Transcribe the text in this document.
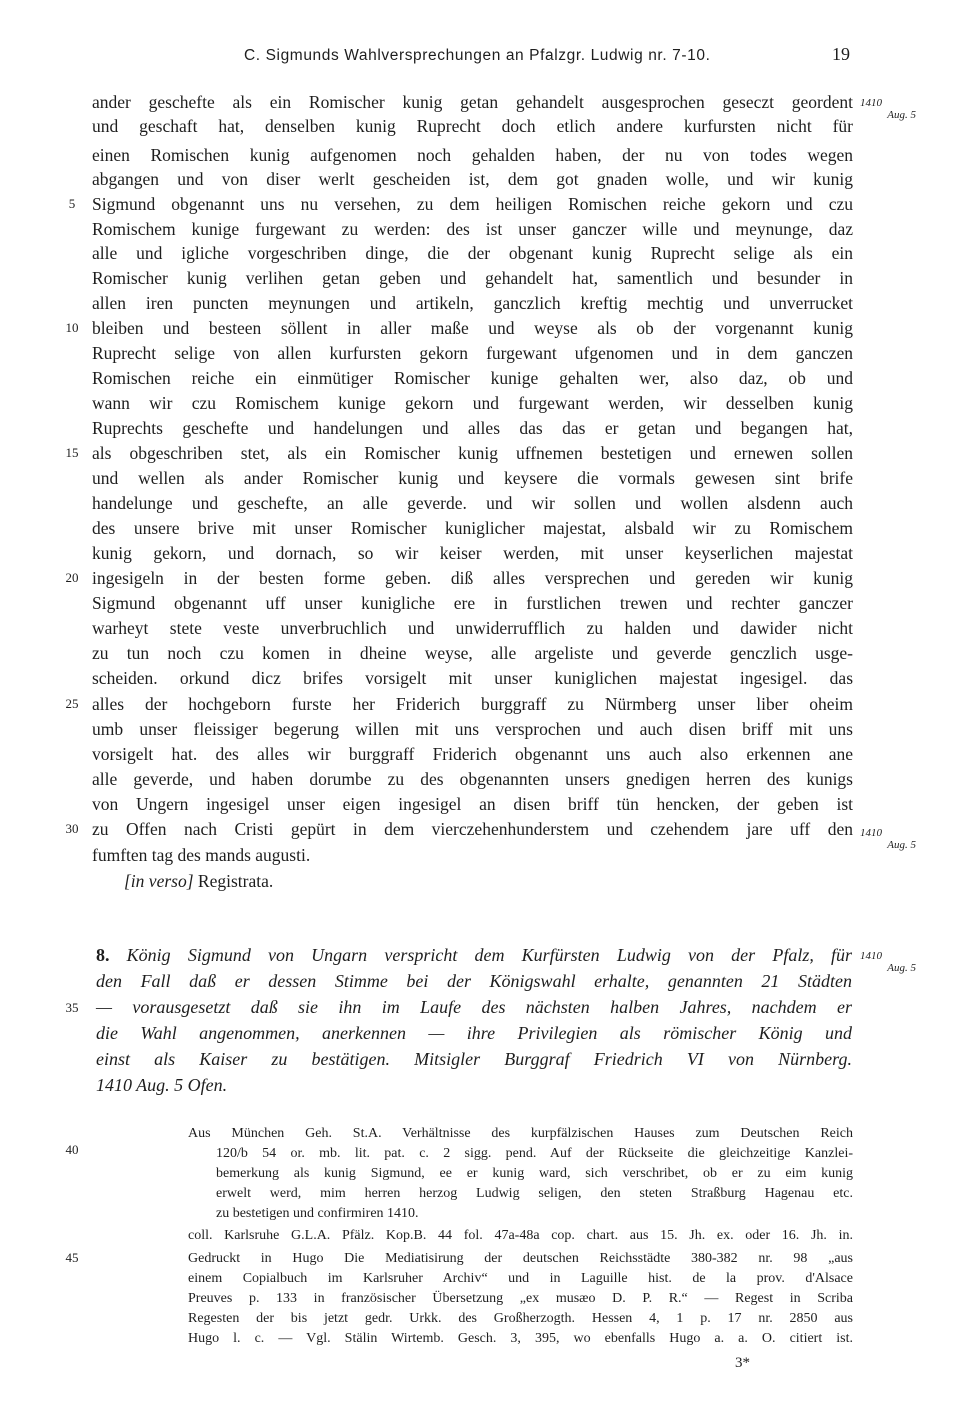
C. Sigmunds Wahlversprechungen an Pfalzgr. Ludwig nr. 7-10.	19
ander geschefte als ein Romischer kunig getan gehandelt ausgesprochen geseczt geordent
und geschaft hat, denselben kunig Ruprecht doch etlich andere kurfursten nicht für
einen Romischen kunig aufgenomen noch gehalden haben, der nu von todes wegen
abgangen und von diser werlt gescheiden ist, dem got gnaden wolle, und wir kunig
Sigmund obgenannt uns nu versehen, zu dem heiligen Romischen reiche gekorn und czu
Romischem kunige furgewant zu werden: des ist unser ganczer wille und meynunge, daz
alle und igliche vorgeschriben dinge, die der obgenant kunig Ruprecht selige als ein
Romischer kunig verlihen getan geben und gehandelt hat, samentlich und besunder in
allen iren puncten meynungen und artikeln, ganczlich kreftig mechtig und unverrucket
bleiben und besteen söllent in aller maße und weyse als ob der vorgenannt kunig
Ruprecht selige von allen kurfursten gekorn furgewant ufgenomen und in dem ganczen
Romischen reiche ein einmütiger Romischer kunige gehalten wer, also daz, ob und
wann wir czu Romischem kunige gekorn und furgewant werden, wir desselben kunig
Ruprechts geschefte und handelungen und alles das das er getan und begangen hat,
als obgeschriben stet, als ein Romischer kunig uffnemen bestetigen und ernewen sollen
und wellen als ander Romischer kunig und keysere die vormals gewesen sint brife
handelunge und geschefte, an alle geverde. und wir sollen und wollen alsdenn auch
des unsere brive mit unser Romischer kuniglicher majestat, alsbald wir zu Romischem
kunig gekorn, und dornach, so wir keiser werden, mit unser keyserlichen majestat
ingesigeln in der besten forme geben. diß alles versprechen und gereden wir kunig
Sigmund obgenannt uff unser kunigliche ere in furstlichen trewen und rechter ganczer
warheyt stete veste unverbruchlich und unwiderrufflich zu halden und dawider nicht
zu tun noch czu komen in dheine weyse, alle argeliste und geverde genczlich usge-
scheiden. orkund dicz brifes vorsigelt mit unser kuniglichen majestat ingesigel. das
alles der hochgeborn furste her Friderich burggraff zu Nürmberg unser liber oheim
umb unser fleissiger begerung willen mit uns versprochen und auch disen briff mit uns
vorsigelt hat. des alles wir burggraff Friderich obgenannt uns auch also erkennen ane
alle geverde, und haben dorumbe zu des obgenannten unsers gnedigen herren des kunigs
von Ungern ingesigel unser eigen ingesigel an disen briff tün hencken, der geben ist
zu Offen nach Cristi gepürt in dem vierczehenhunderstem und czehendem jare uff den
fumften tag des mands augusti.
[in verso] Registrata.
5
10
15
20
25
30
35
40
45
1410
Aug. 5
1410
Aug. 5
1410
Aug. 5
8. König Sigmund von Ungarn verspricht dem Kurfürsten Ludwig von der Pfalz, für
den Fall daß er dessen Stimme bei der Königswahl erhalte, genannten 21 Städten
— vorausgesetzt daß sie ihn im Laufe des nächsten halben Jahres, nachdem er
die Wahl angenommen, anerkennen — ihre Privilegien als römischer König und
einst als Kaiser zu bestätigen. Mitsigler Burggraf Friedrich VI von Nürnberg.
1410 Aug. 5 Ofen.
Aus München Geh. St.A. Verhältnisse des kurpfälzischen Hauses zum Deutschen Reich
120/b 54 or. mb. lit. pat. c. 2 sigg. pend. Auf der Rückseite die gleichzeitige Kanzlei-
bemerkung als kunig Sigmund, ee er kunig ward, sich verschribet, ob er zu eim kunig
erwelt werd, mim herren herzog Ludwig seligen, den steten Straßburg Hagenau etc.
zu bestetigen und confirmiren 1410.
coll. Karlsruhe G.L.A. Pfälz. Kop.B. 44 fol. 47a-48a cop. chart. aus 15. Jh. ex. oder 16. Jh. in.
Gedruckt in Hugo Die Mediatisirung der deutschen Reichsstädte 380-382 nr. 98 „aus
einem Copialbuch im Karlsruher Archiv“ und in Laguille hist. de la prov. d'Alsace
Preuves p. 133 in französischer Übersetzung „ex musæo D. P. R.“ — Regest in Scriba
Regesten der bis jetzt gedr. Urkk. des Großherzogth. Hessen 4, 1 p. 17 nr. 2850 aus
Hugo l. c. — Vgl. Stälin Wirtemb. Gesch. 3, 395, wo ebenfalls Hugo a. a. O. citiert ist.
3*
